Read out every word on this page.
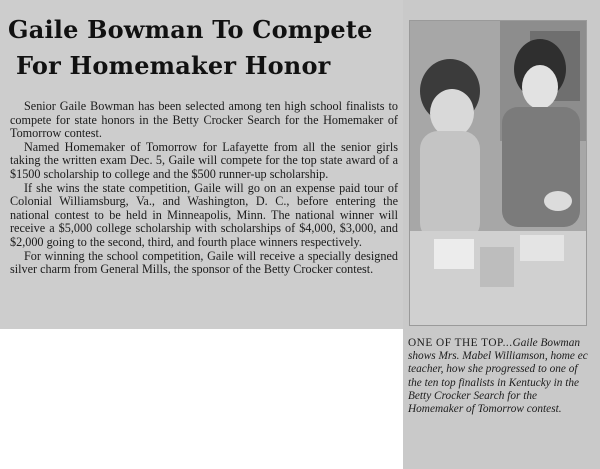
Gaile Bowman To Compete
For Homemaker Honor

Senior Gaile Bowman has been selected among ten high school finalists to compete for state honors in the Betty Crocker Search for the Homemaker of Tomorrow contest.

Named Homemaker of Tomorrow for Lafayette from all the senior girls taking the written exam Dec. 5, Gaile will compete for the top state award of a $1500 scholarship to college and the $500 runner-up scholarship.

If she wins the state competition, Gaile will go on an expense paid tour of Colonial Williamsburg, Va., and Washington, D. C., before entering the national contest to be held in Minneapolis, Minn. The national winner will receive a $5,000 college scholarship with scholarships of $4,000, $3,000, and $2,000 going to the second, third, and fourth place winners respectively.

For winning the school competition, Gaile will receive a specially designed silver charm from General Mills, the sponsor of the Betty Crocker contest.

ONE OF THE TOP...Gaile Bowman shows Mrs. Mabel Williamson, home ec teacher, how she progressed to one of the ten top finalists in Kentucky in the Betty Crocker Search for the Homemaker of Tomorrow contest.
